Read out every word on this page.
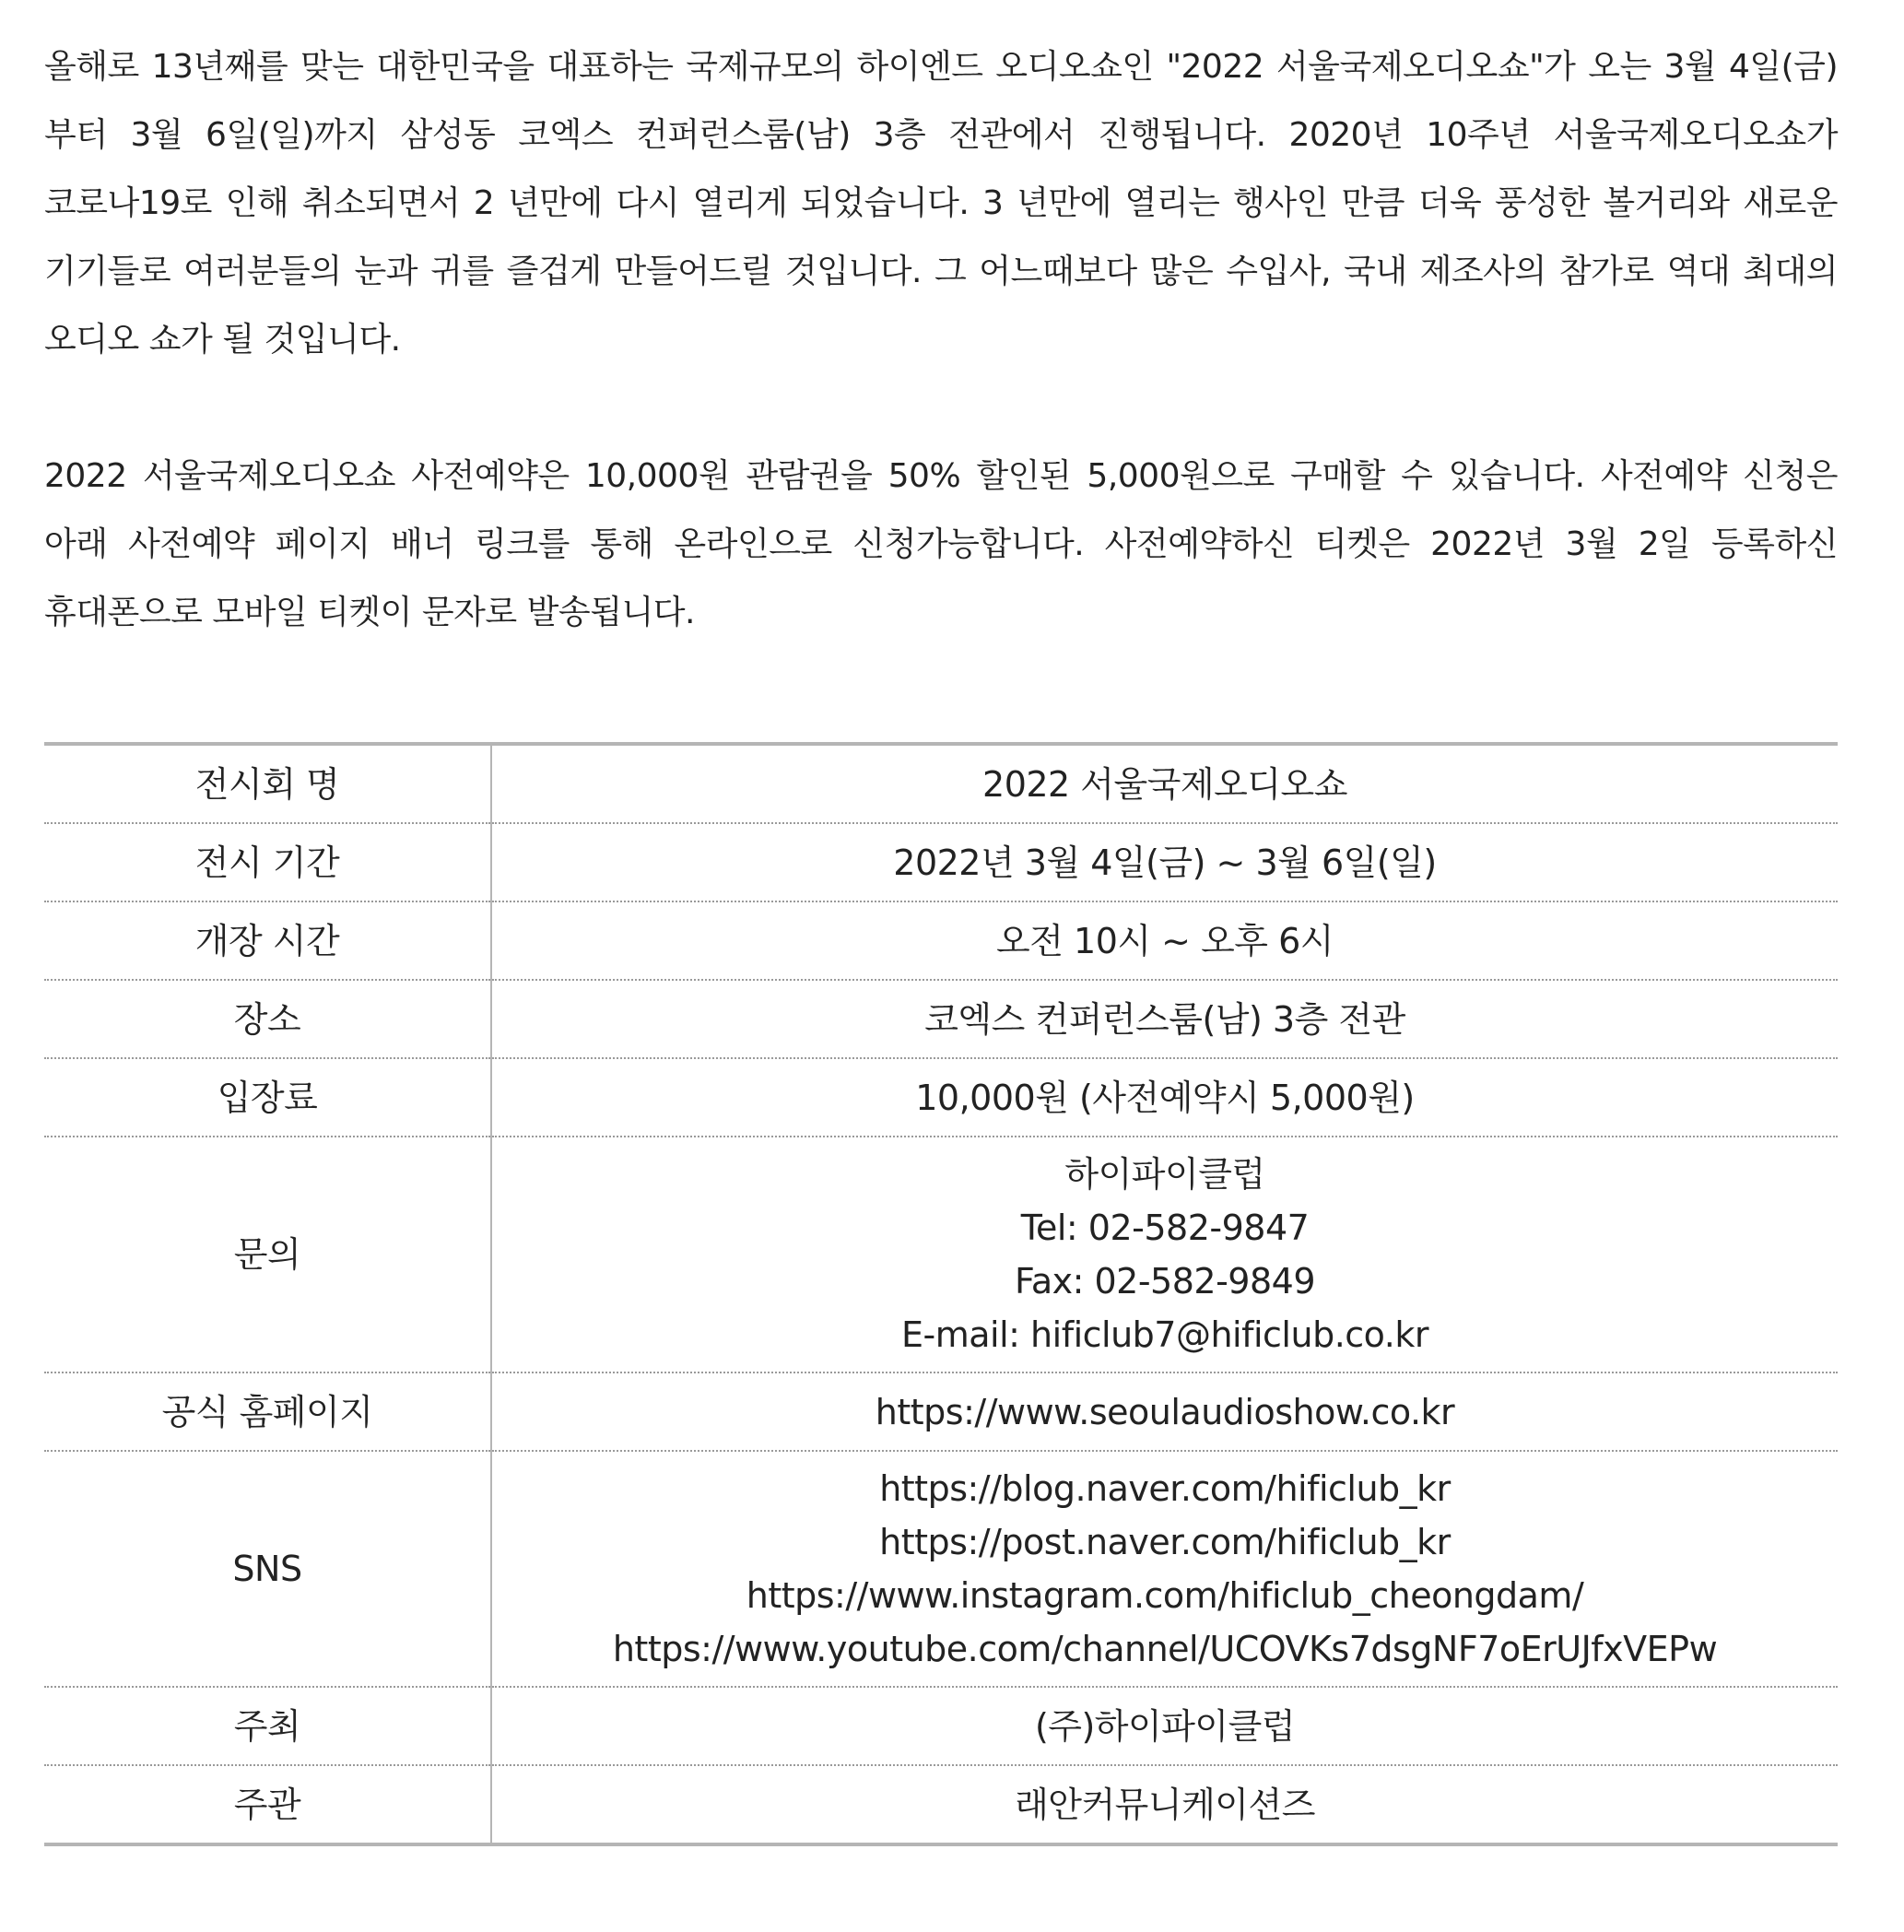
올해로 13년째를 맞는 대한민국을 대표하는 국제규모의 하이엔드 오디오쇼인 "2022 서울국제오디오쇼"가 오는 3월 4일(금)부터 3월 6일(일)까지 삼성동 코엑스 컨퍼런스룸(남) 3층 전관에서 진행됩니다. 2020년 10주년 서울국제오디오쇼가 코로나19로 인해 취소되면서 2 년만에 다시 열리게 되었습니다. 3 년만에 열리는 행사인 만큼 더욱 풍성한 볼거리와 새로운 기기들로 여러분들의 눈과 귀를 즐겁게 만들어드릴 것입니다. 그 어느때보다 많은 수입사, 국내 제조사의 참가로 역대 최대의 오디오 쇼가 될 것입니다.

2022 서울국제오디오쇼 사전예약은 10,000원 관람권을 50% 할인된 5,000원으로 구매할 수 있습니다. 사전예약 신청은 아래 사전예약 페이지 배너 링크를 통해 온라인으로 신청가능합니다. 사전예약하신 티켓은 2022년 3월 2일 등록하신 휴대폰으로 모바일 티켓이 문자로 발송됩니다.

전시회 명	2022 서울국제오디오쇼
전시 기간	2022년 3월 4일(금) ~ 3월 6일(일)
개장 시간	오전 10시 ~ 오후 6시
장소	코엑스 컨퍼런스룸(남) 3층 전관
입장료	10,000원 (사전예약시 5,000원)
문의	하이파이클럽
Tel: 02-582-9847
Fax: 02-582-9849
E-mail: hificlub7@hificlub.co.kr

공식 홈페이지	https://www.seoulaudioshow.co.kr
SNS	https://blog.naver.com/hificlub_kr
https://post.naver.com/hificlub_kr
https://www.instagram.com/hificlub_cheongdam/
https://www.youtube.com/channel/UCOVKs7dsgNF7oErUJfxVEPw

주최	(주)하이파이클럽
주관	래안커뮤니케이션즈
